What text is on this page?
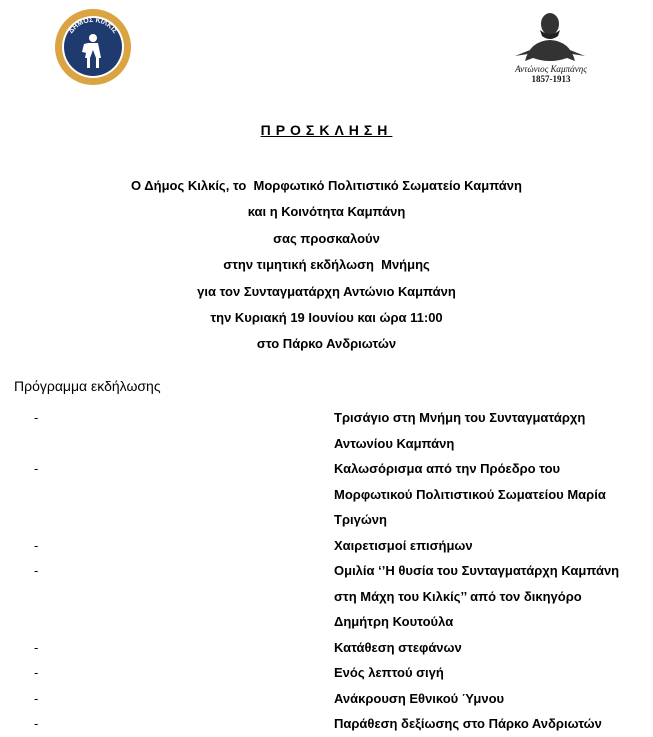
ΔΗΜΟΣ ΚΙΛΚΙΣ
Αντώνιος Καμπάνης
1857-1913
ΠΡΟΣΚΛΗΣΗ
Ο Δήμος Κιλκίς, το  Μορφωτικό Πολιτιστικό Σωματείο Καμπάνη
και η Κοινότητα Καμπάνη
σας προσκαλούν
στην τιμητική εκδήλωση  Μνήμης
για τον Συνταγματάρχη Αντώνιο Καμπάνη
την Κυριακή 19 Ιουνίου και ώρα 11:00
στο Πάρκο Ανδριωτών
Πρόγραμμα εκδήλωσης
-	Τρισάγιο στη Μνήμη του Συνταγματάρχη Αντωνίου Καμπάνη
-	Καλωσόρισμα από την Πρόεδρο του Μορφωτικού Πολιτιστικού Σωματείου Μαρία Τριγώνη
-	Χαιρετισμοί επισήμων
-	Ομιλία ‘’Η θυσία του Συνταγματάρχη Καμπάνη στη Μάχη του Κιλκίς’’ από τον δικηγόρο Δημήτρη Κουτούλα
-	Κατάθεση στεφάνων
-	Ενός λεπτού σιγή
-	Ανάκρουση Εθνικού Ύμνου
-	Παράθεση δεξίωσης στο Πάρκο Ανδριωτών
